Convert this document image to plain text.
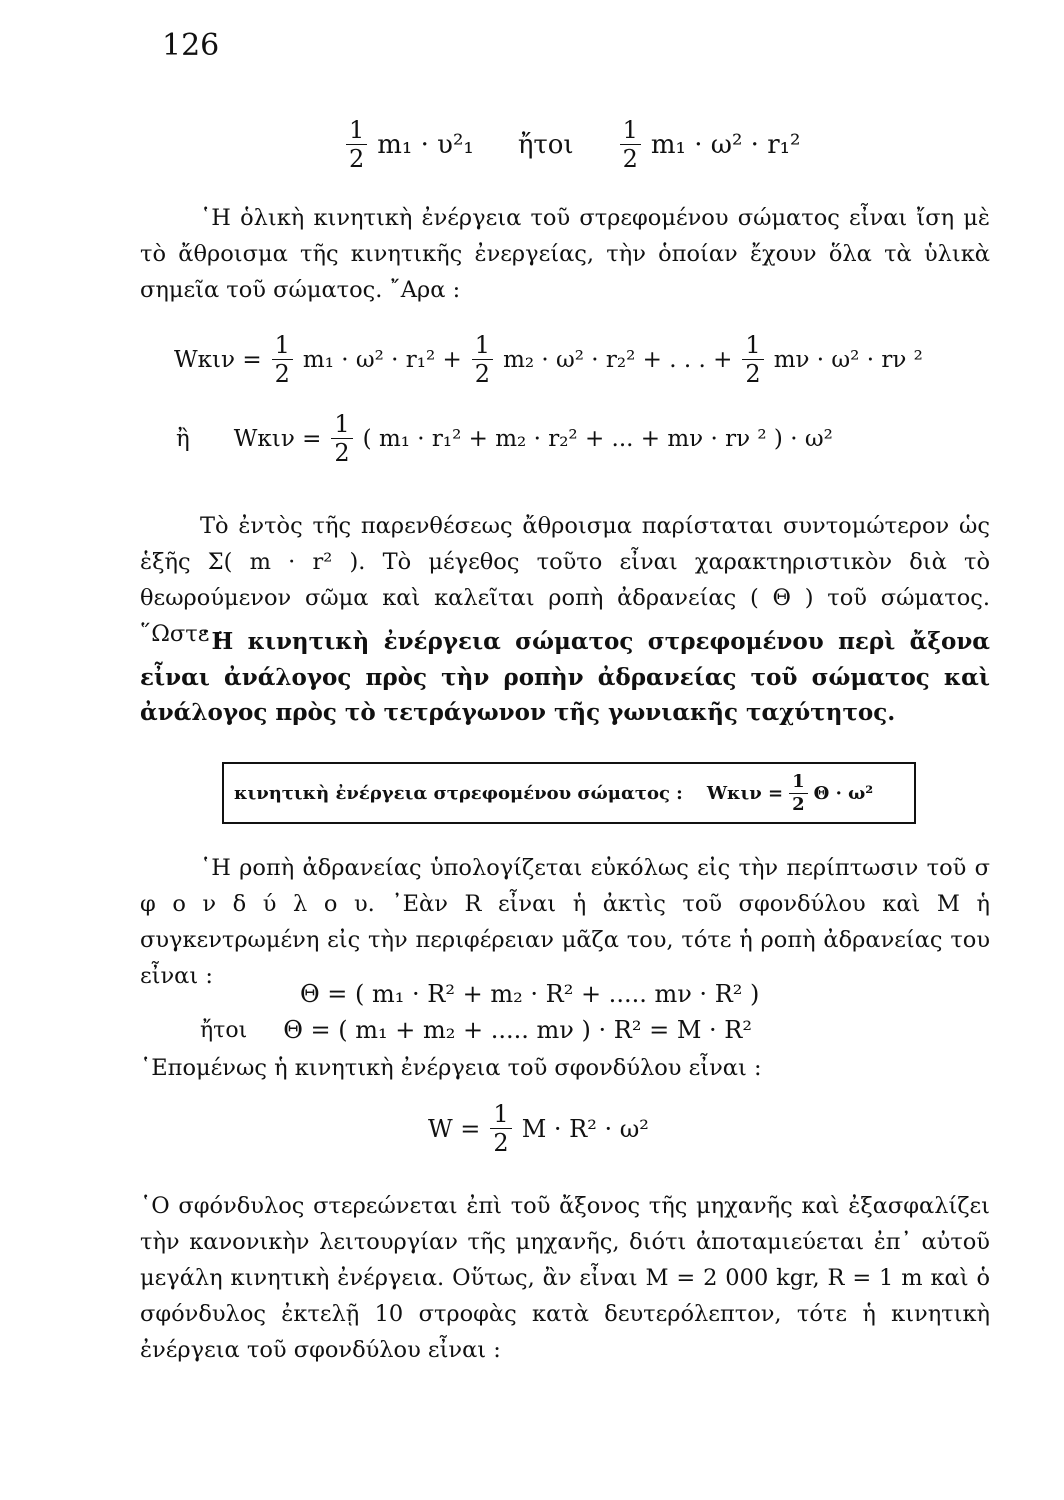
126
$\frac{1}{2} m_1 \cdot \upsilon^2_1$ ἤτοι $\frac{1}{2} m_1 \cdot \omega^2 \cdot r_1^2$

῾Η ὁλικὴ κινητικὴ ἐνέργεια τοῦ στρεφομένου σώματος εἶναι ἴση μὲ τὸ ἄθροισμα τῆς κινητικῆς ἐνεργείας, τὴν ὁποίαν ἔχουν ὅλα τὰ ὑλικὰ σημεῖα τοῦ σώματος. ῎Αρα :

$W\kappa\iota\nu = \frac{1}{2} m_1 \cdot \omega^2 \cdot r_1^2 + \frac{1}{2} m_2 \cdot \omega^2 \cdot r_2^2$ + . . . + $\frac{1}{2}$ mν · ω² · rν ²
ἢ $W\kappa\iota\nu = \frac{1}{2}$ ( m₁ · r₁² + m₂ · r₂² + ... + mν · rν ² ) · ω²

Τὸ ἐντὸς τῆς παρενθέσεως ἄθροισμα παρίσταται συντομώτερον ὡς ἑξῆς Σ( m · r² ). Τὸ μέγεθος τοῦτο εἶναι χαρακτηριστικὸν διὰ τὸ θεωρούμενον σῶμα καὶ καλεῖται ροπὴ ἀδρανείας ( Θ ) τοῦ σώματος. ῞Ωστε :

῾Η κινητικὴ ἐνέργεια σώματος στρεφομένου περὶ ἄξονα εἶναι ἀνάλογος πρὸς τὴν ροπὴν ἀδρανείας τοῦ σώματος καὶ ἀνάλογος πρὸς τὸ τετράγωνον τῆς γωνιακῆς ταχύτητος.

κινητικὴ ἐνέργεια στρεφομένου σώματος : $W\kappa\iota\nu = \frac{1}{2}$ Θ · ω²

῾Η ροπὴ ἀδρανείας ὑπολογίζεται εὐκόλως εἰς τὴν περίπτωσιν τοῦ σ φ ο ν δ ύ λ ο υ. ᾿Εὰν R εἶναι ἡ ἀκτὶς τοῦ σφονδύλου καὶ M ἡ συγκεντρωμένη εἰς τὴν περιφέρειαν μᾶζα του, τότε ἡ ροπὴ ἀδρανείας του εἶναι :

Θ = ( m₁ · R² + m₂ · R² + ..... mν · R² )
ἤτοι Θ = ( m₁ + m₂ + ..... mν ) · R² = M · R²

῾Επομένως ἡ κινητικὴ ἐνέργεια τοῦ σφονδύλου εἶναι :

$W = \frac{1}{2}$ M · R² · ω²

῾Ο σφόνδυλος στερεώνεται ἐπὶ τοῦ ἄξονος τῆς μηχανῆς καὶ ἐξασφαλίζει τὴν κανονικὴν λειτουργίαν τῆς μηχανῆς, διότι ἀποταμιεύεται ἐπ᾿ αὐτοῦ μεγάλη κινητικὴ ἐνέργεια. Οὕτως, ἂν εἶναι M = 2 000 kgr, R = 1 m καὶ ὁ σφόνδυλος ἐκτελῇ 10 στροφὰς κατὰ δευτερόλεπτον, τότε ἡ κινητικὴ ἐνέργεια τοῦ σφονδύλου εἶναι :
